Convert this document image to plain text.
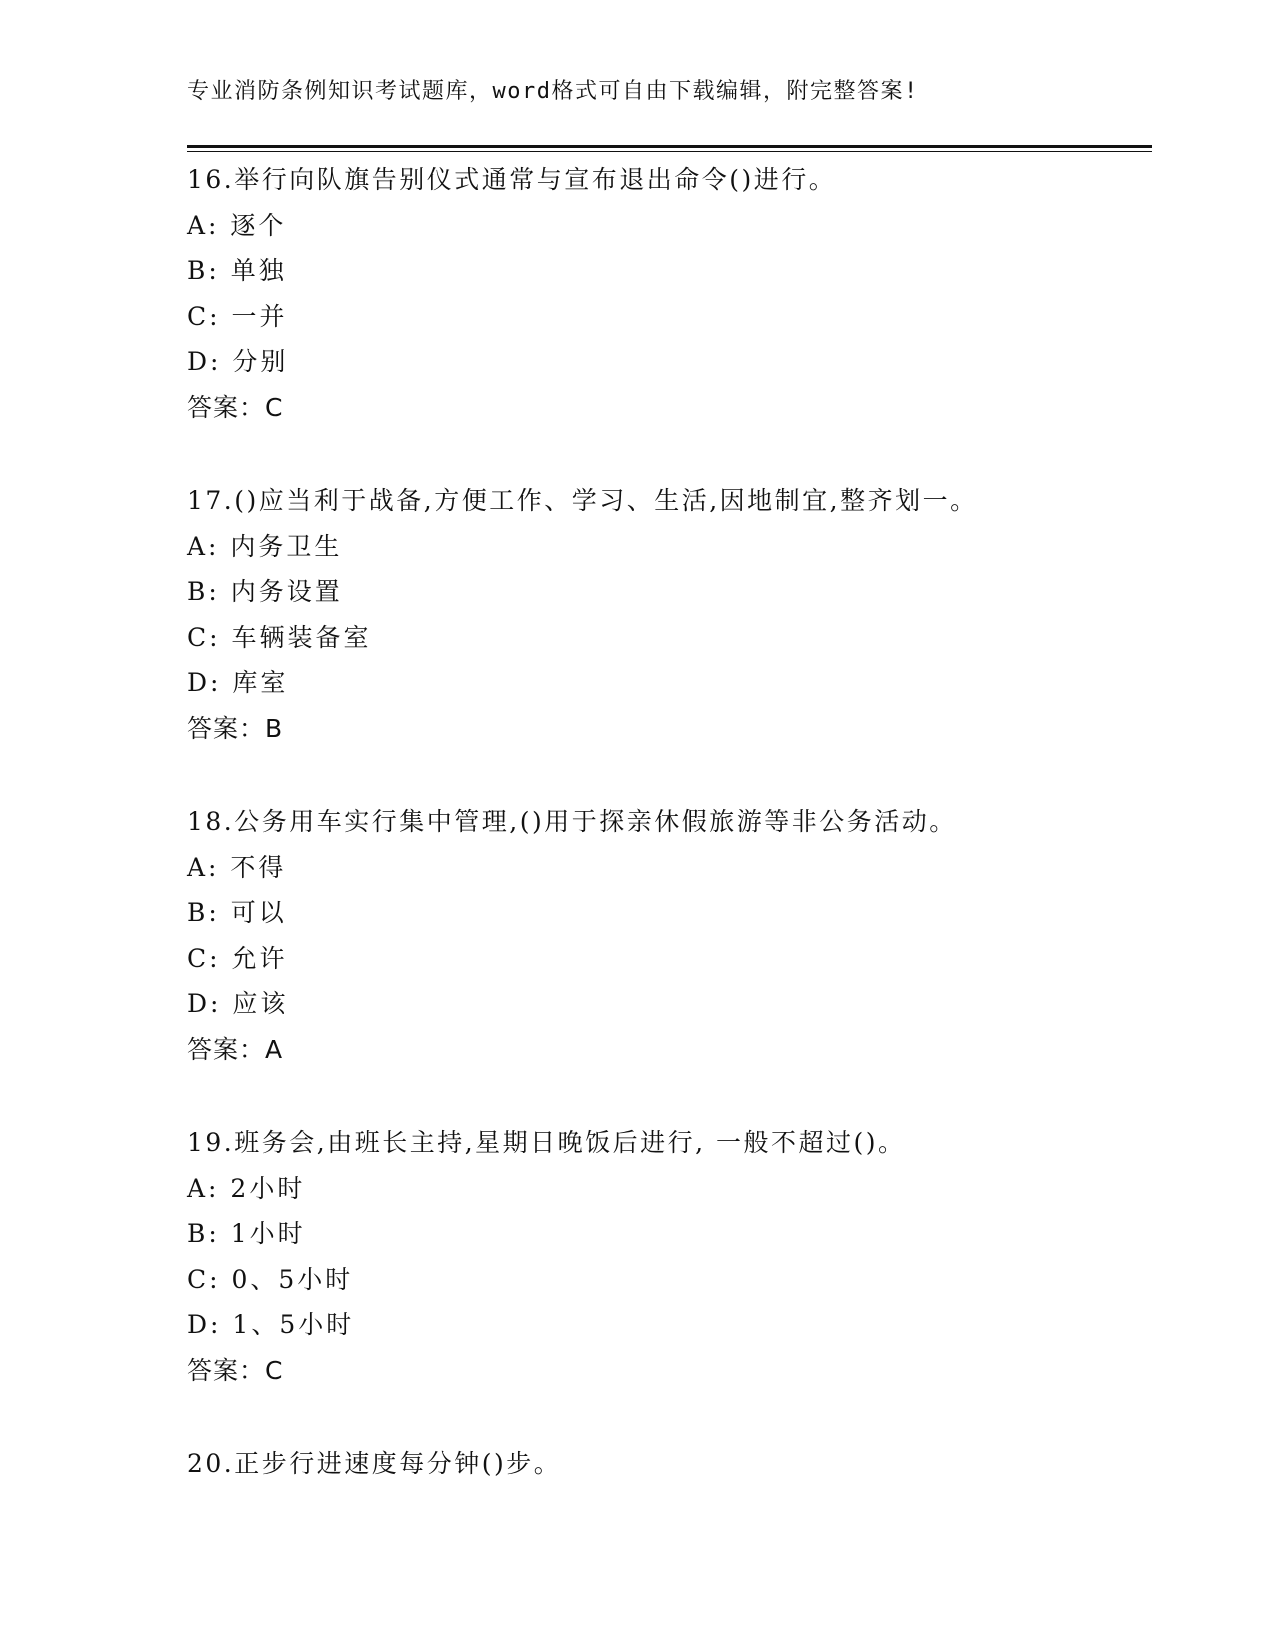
专业消防条例知识考试题库，word格式可自由下载编辑，附完整答案!
16.举行向队旗告别仪式通常与宣布退出命令()进行。
A: 逐个
B: 单独
C: 一并
D: 分别
答案：C
17.()应当利于战备,方便工作、学习、生活,因地制宜,整齐划一。
A: 内务卫生
B: 内务设置
C: 车辆装备室
D: 库室
答案：B
18.公务用车实行集中管理,()用于探亲休假旅游等非公务活动。
A: 不得
B: 可以
C: 允许
D: 应该
答案：A
19.班务会,由班长主持,星期日晚饭后进行, 一般不超过()。
A: 2小时
B: 1小时
C: 0、5小时
D: 1、5小时
答案：C
20.正步行进速度每分钟()步。
